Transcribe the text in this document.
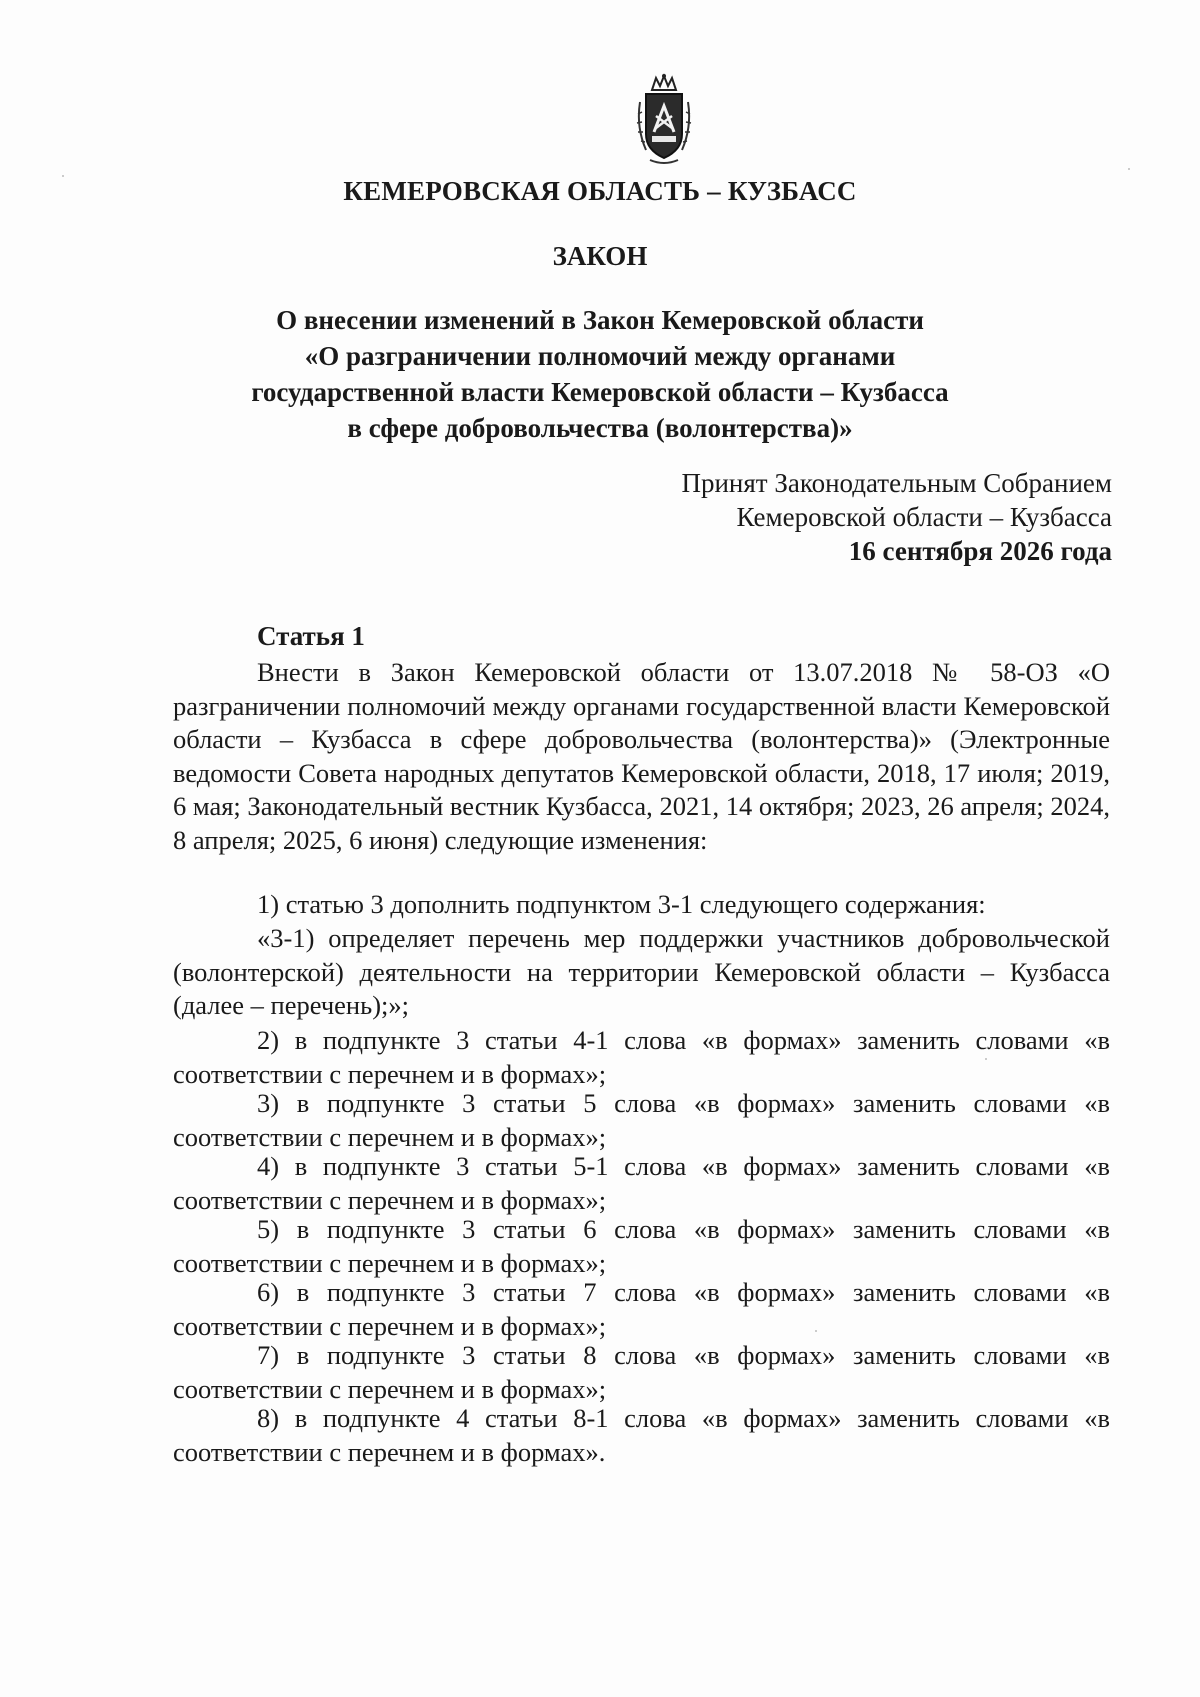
КЕМЕРОВСКАЯ ОБЛАСТЬ – КУЗБАСС
ЗАКОН
О внесении изменений в Закон Кемеровской области
«О разграничении полномочий между органами
государственной власти Кемеровской области – Кузбасса
в сфере добровольчества (волонтерства)»
Принят Законодательным Собранием
Кемеровской области – Кузбасса
16 сентября 2026 года
Статья 1
Внести в Закон Кемеровской области от 13.07.2018 № 58-ОЗ «О разграничении полномочий между органами государственной власти Кемеровской области – Кузбасса в сфере добровольчества (волонтерства)» (Электронные ведомости Совета народных депутатов Кемеровской области, 2018, 17 июля; 2019, 6 мая; Законодательный вестник Кузбасса, 2021, 14 октября; 2023, 26 апреля; 2024, 8 апреля; 2025, 6 июня) следующие изменения:
1) статью 3 дополнить подпунктом 3-1 следующего содержания:
«3-1) определяет перечень мер поддержки участников добровольческой (волонтерской) деятельности на территории Кемеровской области – Кузбасса (далее – перечень);»;
2) в подпункте 3 статьи 4-1 слова «в формах» заменить словами «в соответствии с перечнем и в формах»;
3) в подпункте 3 статьи 5 слова «в формах» заменить словами «в соответствии с перечнем и в формах»;
4) в подпункте 3 статьи 5-1 слова «в формах» заменить словами «в соответствии с перечнем и в формах»;
5) в подпункте 3 статьи 6 слова «в формах» заменить словами «в соответствии с перечнем и в формах»;
6) в подпункте 3 статьи 7 слова «в формах» заменить словами «в соответствии с перечнем и в формах»;
7) в подпункте 3 статьи 8 слова «в формах» заменить словами «в соответствии с перечнем и в формах»;
8) в подпункте 4 статьи 8-1 слова «в формах» заменить словами «в соответствии с перечнем и в формах».
